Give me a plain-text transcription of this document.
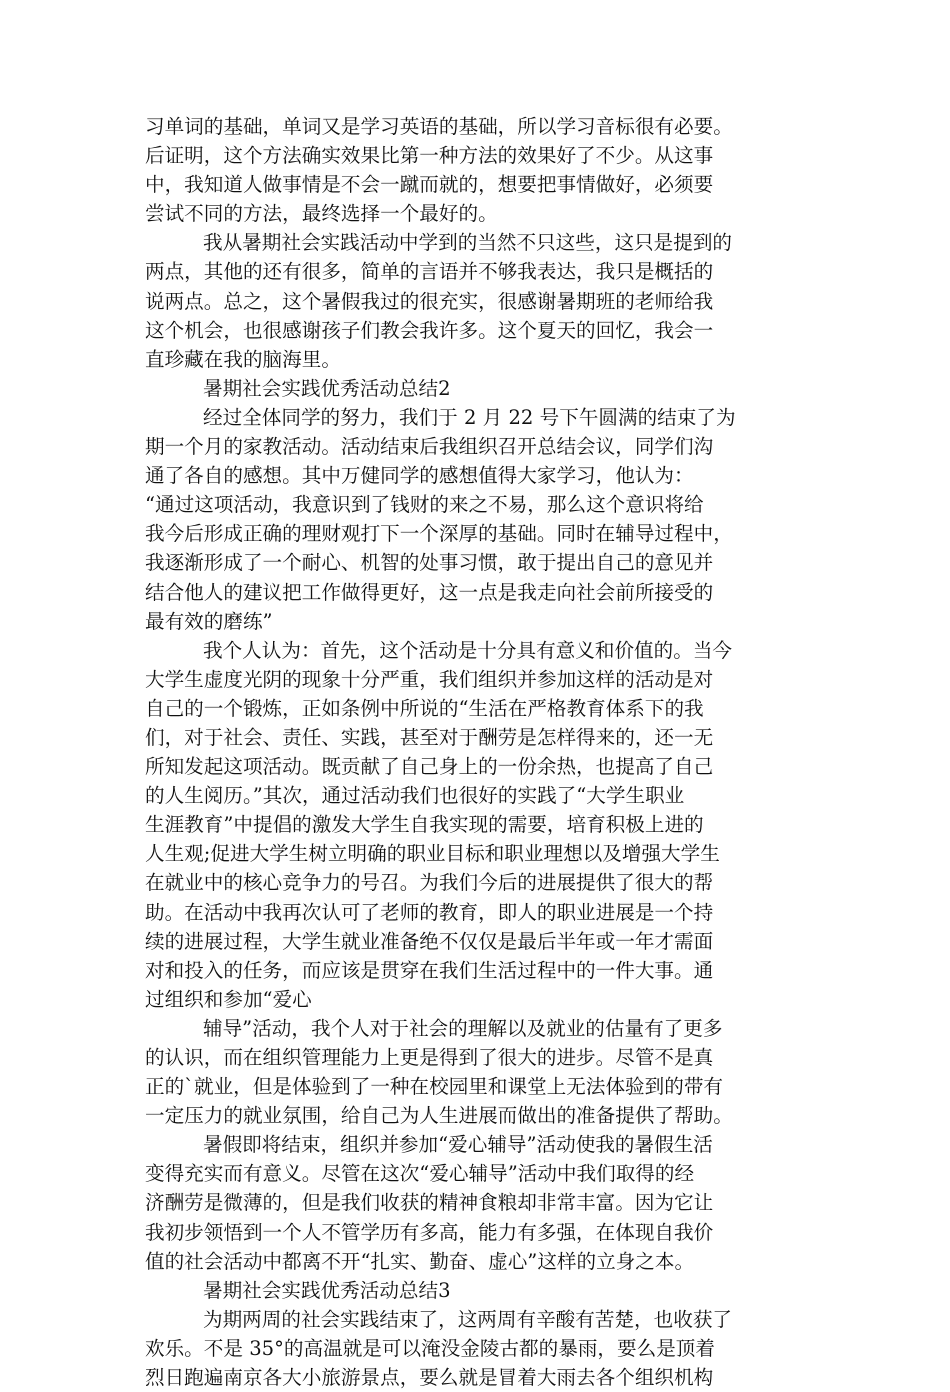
习单词的基础，单词又是学习英语的基础，所以学习音标很有必要。
后证明，这个方法确实效果比第一种方法的效果好了不少。从这事
中，我知道人做事情是不会一蹴而就的，想要把事情做好，必须要
尝试不同的方法，最终选择一个最好的。
我从暑期社会实践活动中学到的当然不只这些，这只是提到的
两点，其他的还有很多，简单的言语并不够我表达，我只是概括的
说两点。总之，这个暑假我过的很充实，很感谢暑期班的老师给我
这个机会，也很感谢孩子们教会我许多。这个夏天的回忆，我会一
直珍藏在我的脑海里。
暑期社会实践优秀活动总结2
经过全体同学的努力，我们于 2 月 22 号下午圆满的结束了为
期一个月的家教活动。活动结束后我组织召开总结会议，同学们沟
通了各自的感想。其中万健同学的感想值得大家学习，他认为：
“通过这项活动，我意识到了钱财的来之不易，那么这个意识将给
我今后形成正确的理财观打下一个深厚的基础。同时在辅导过程中，
我逐渐形成了一个耐心、机智的处事习惯，敢于提出自己的意见并
结合他人的建议把工作做得更好，这一点是我走向社会前所接受的
最有效的磨练”
我个人认为：首先，这个活动是十分具有意义和价值的。当今
大学生虚度光阴的现象十分严重，我们组织并参加这样的活动是对
自己的一个锻炼，正如条例中所说的“生活在严格教育体系下的我
们，对于社会、责任、实践，甚至对于酬劳是怎样得来的，还一无
所知发起这项活动。既贡献了自己身上的一份余热，也提高了自己
的人生阅历。”其次，通过活动我们也很好的实践了“大学生职业
生涯教育”中提倡的激发大学生自我实现的需要，培育积极上进的
人生观;促进大学生树立明确的职业目标和职业理想以及增强大学生
在就业中的核心竞争力的号召。为我们今后的进展提供了很大的帮
助。在活动中我再次认可了老师的教育，即人的职业进展是一个持
续的进展过程，大学生就业准备绝不仅仅是最后半年或一年才需面
对和投入的任务，而应该是贯穿在我们生活过程中的一件大事。通
过组织和参加“爱心
辅导”活动，我个人对于社会的理解以及就业的估量有了更多
的认识，而在组织管理能力上更是得到了很大的进步。尽管不是真
正的`就业，但是体验到了一种在校园里和课堂上无法体验到的带有
一定压力的就业氛围，给自己为人生进展而做出的准备提供了帮助。
暑假即将结束，组织并参加“爱心辅导”活动使我的暑假生活
变得充实而有意义。尽管在这次“爱心辅导”活动中我们取得的经
济酬劳是微薄的，但是我们收获的精神食粮却非常丰富。因为它让
我初步领悟到一个人不管学历有多高，能力有多强，在体现自我价
值的社会活动中都离不开“扎实、勤奋、虚心”这样的立身之本。
暑期社会实践优秀活动总结3
为期两周的社会实践结束了，这两周有辛酸有苦楚，也收获了
欢乐。不是 35°的高温就是可以淹没金陵古都的暴雨，要么是顶着
烈日跑遍南京各大小旅游景点，要么就是冒着大雨去各个组织机构
